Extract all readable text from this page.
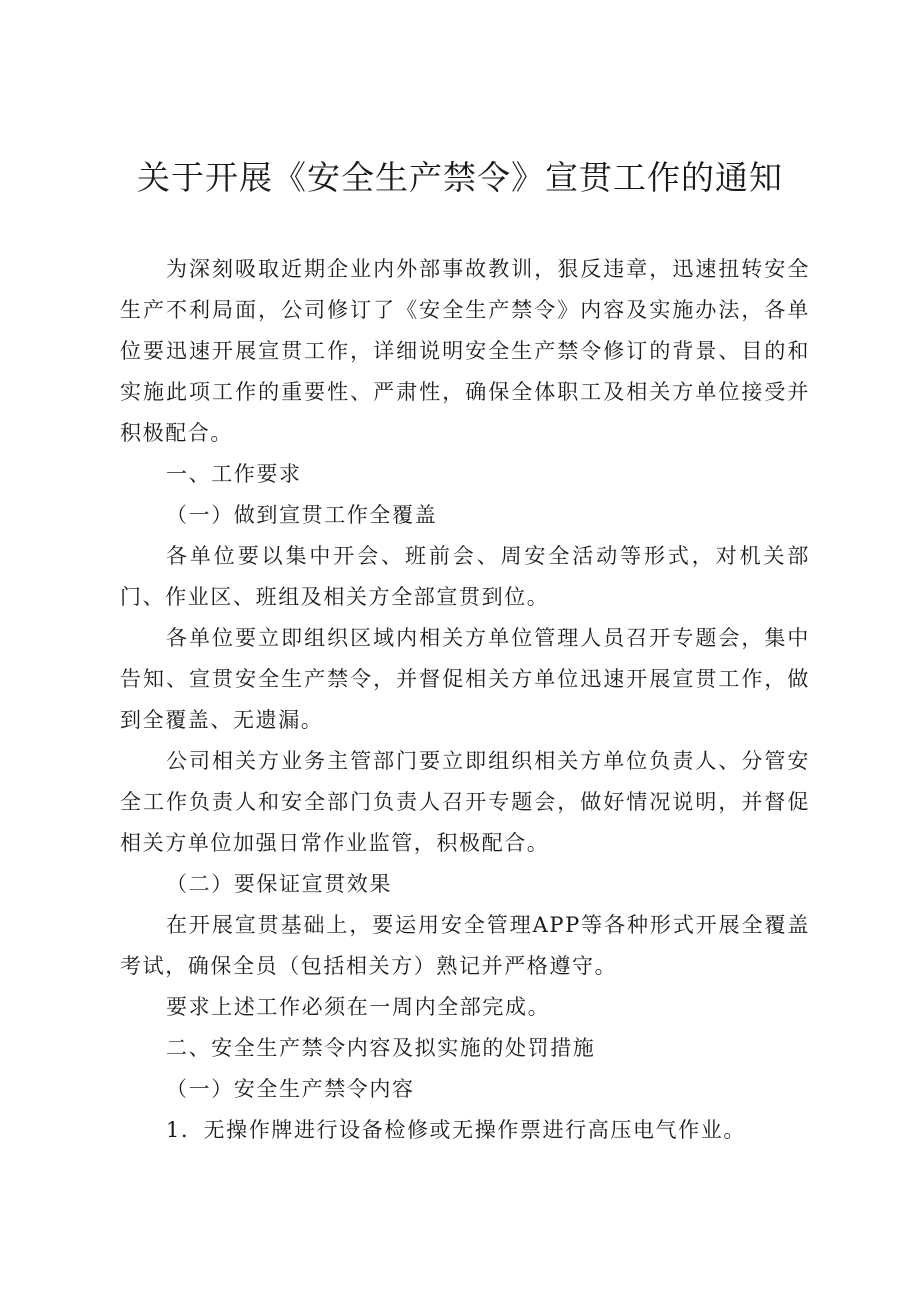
关于开展《安全生产禁令》宣贯工作的通知

为深刻吸取近期企业内外部事故教训，狠反违章，迅速扭转安全生产不利局面，公司修订了《安全生产禁令》内容及实施办法，各单位要迅速开展宣贯工作，详细说明安全生产禁令修订的背景、目的和实施此项工作的重要性、严肃性，确保全体职工及相关方单位接受并积极配合。

一、工作要求

（一）做到宣贯工作全覆盖

各单位要以集中开会、班前会、周安全活动等形式，对机关部门、作业区、班组及相关方全部宣贯到位。

各单位要立即组织区域内相关方单位管理人员召开专题会，集中告知、宣贯安全生产禁令，并督促相关方单位迅速开展宣贯工作，做到全覆盖、无遗漏。

公司相关方业务主管部门要立即组织相关方单位负责人、分管安全工作负责人和安全部门负责人召开专题会，做好情况说明，并督促相关方单位加强日常作业监管，积极配合。

（二）要保证宣贯效果

在开展宣贯基础上，要运用安全管理APP等各种形式开展全覆盖考试，确保全员（包括相关方）熟记并严格遵守。

要求上述工作必须在一周内全部完成。

二、安全生产禁令内容及拟实施的处罚措施

（一）安全生产禁令内容

1．无操作牌进行设备检修或无操作票进行高压电气作业。
